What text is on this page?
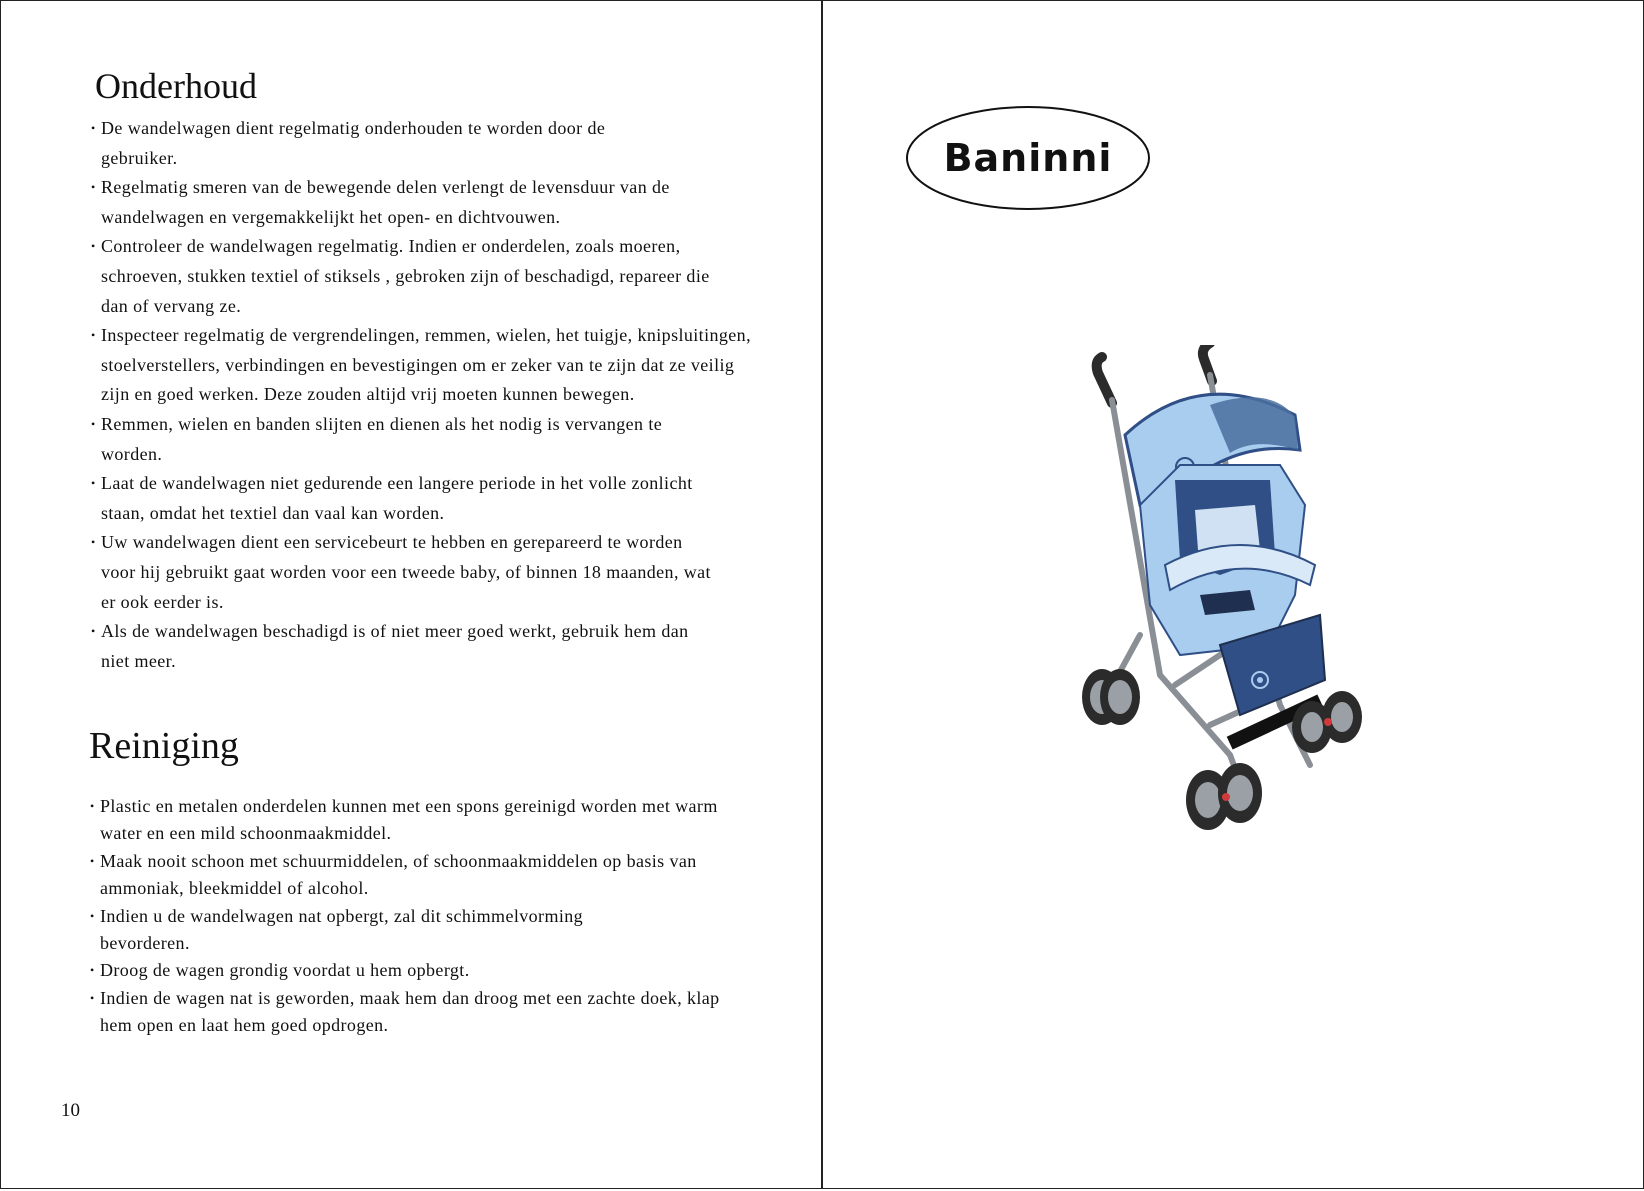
Onderhoud
• De wandelwagen dient regelmatig onderhouden te worden door de gebruiker.
• Regelmatig smeren van de bewegende delen verlengt de levensduur van de wandelwagen en vergemakkelijkt het open- en dichtvouwen.
• Controleer de wandelwagen regelmatig. Indien er onderdelen, zoals moeren, schroeven, stukken textiel of stiksels , gebroken zijn of beschadigd, repareer die dan of vervang ze.
• Inspecteer regelmatig de vergrendelingen, remmen, wielen, het tuigje, knipsluitingen, stoelverstellers, verbindingen en bevestigingen om er zeker van te zijn dat ze veilig zijn en goed werken. Deze zouden altijd vrij moeten kunnen bewegen.
• Remmen, wielen en banden slijten en dienen als het nodig is vervangen te worden.
• Laat de wandelwagen niet gedurende een langere periode in het volle zonlicht staan, omdat het textiel dan vaal kan worden.
• Uw wandelwagen dient een servicebeurt te hebben en gerepareerd te worden voor hij gebruikt gaat worden voor een tweede baby, of binnen 18 maanden, wat er ook eerder is.
• Als de wandelwagen beschadigd is of niet meer goed werkt, gebruik hem dan niet meer.
Reiniging
• Plastic en metalen onderdelen kunnen met een spons gereinigd worden met warm water en een mild schoonmaakmiddel.
• Maak nooit schoon met schuurmiddelen, of schoonmaakmiddelen op basis van ammoniak, bleekmiddel of alcohol.
• Indien u de wandelwagen nat opbergt, zal dit schimmelvorming bevorderen.
• Droog de wagen grondig voordat u hem opbergt.
• Indien de wagen nat is geworden, maak hem dan droog met een zachte doek, klap hem open en laat hem goed opdrogen.
10
Baninni
